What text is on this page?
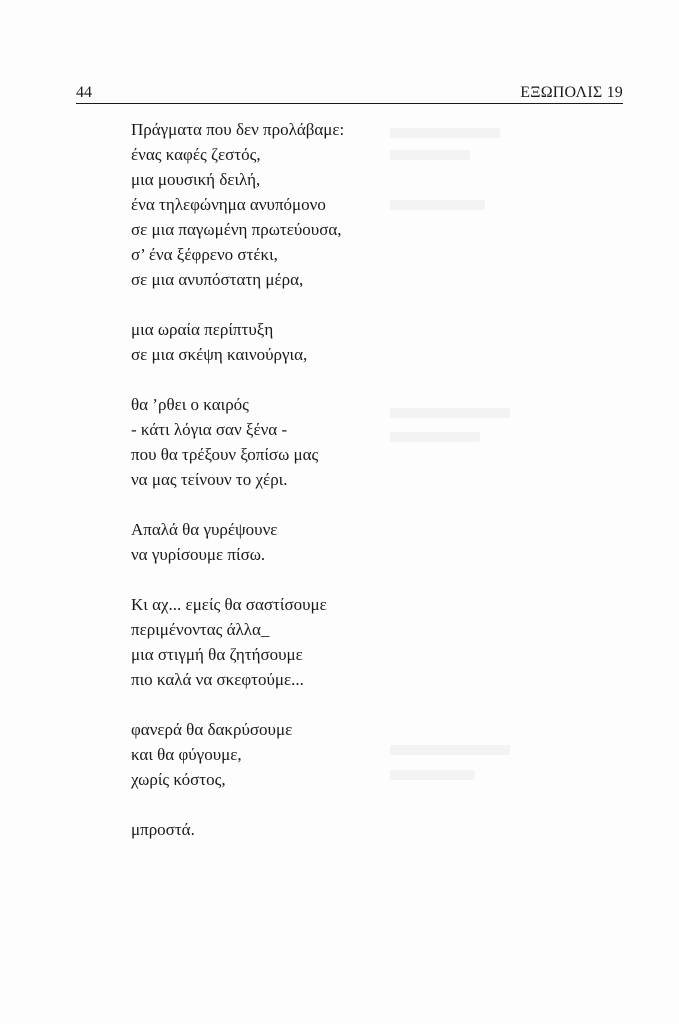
44	ΕΞΩΠΟΛΙΣ 19
Πράγματα που δεν προλάβαμε:
ένας καφές ζεστός,
μια μουσική δειλή,
ένα τηλεφώνημα ανυπόμονο
σε μια παγωμένη πρωτεύουσα,
σ’ ένα ξέφρενο στέκι,
σε μια ανυπόστατη μέρα,
μια ωραία περίπτυξη
σε μια σκέψη καινούργια,
θα ’ρθει ο καιρός
- κάτι λόγια σαν ξένα -
που θα τρέξουν ξοπίσω μας
να μας τείνουν το χέρι.
Απαλά θα γυρέψουνε
να γυρίσουμε πίσω.
Κι αχ... εμείς θα σαστίσουμε
περιμένοντας άλλα_
μια στιγμή θα ζητήσουμε
πιο καλά να σκεφτούμε...
φανερά θα δακρύσουμε
και θα φύγουμε,
χωρίς κόστος,
μπροστά.
